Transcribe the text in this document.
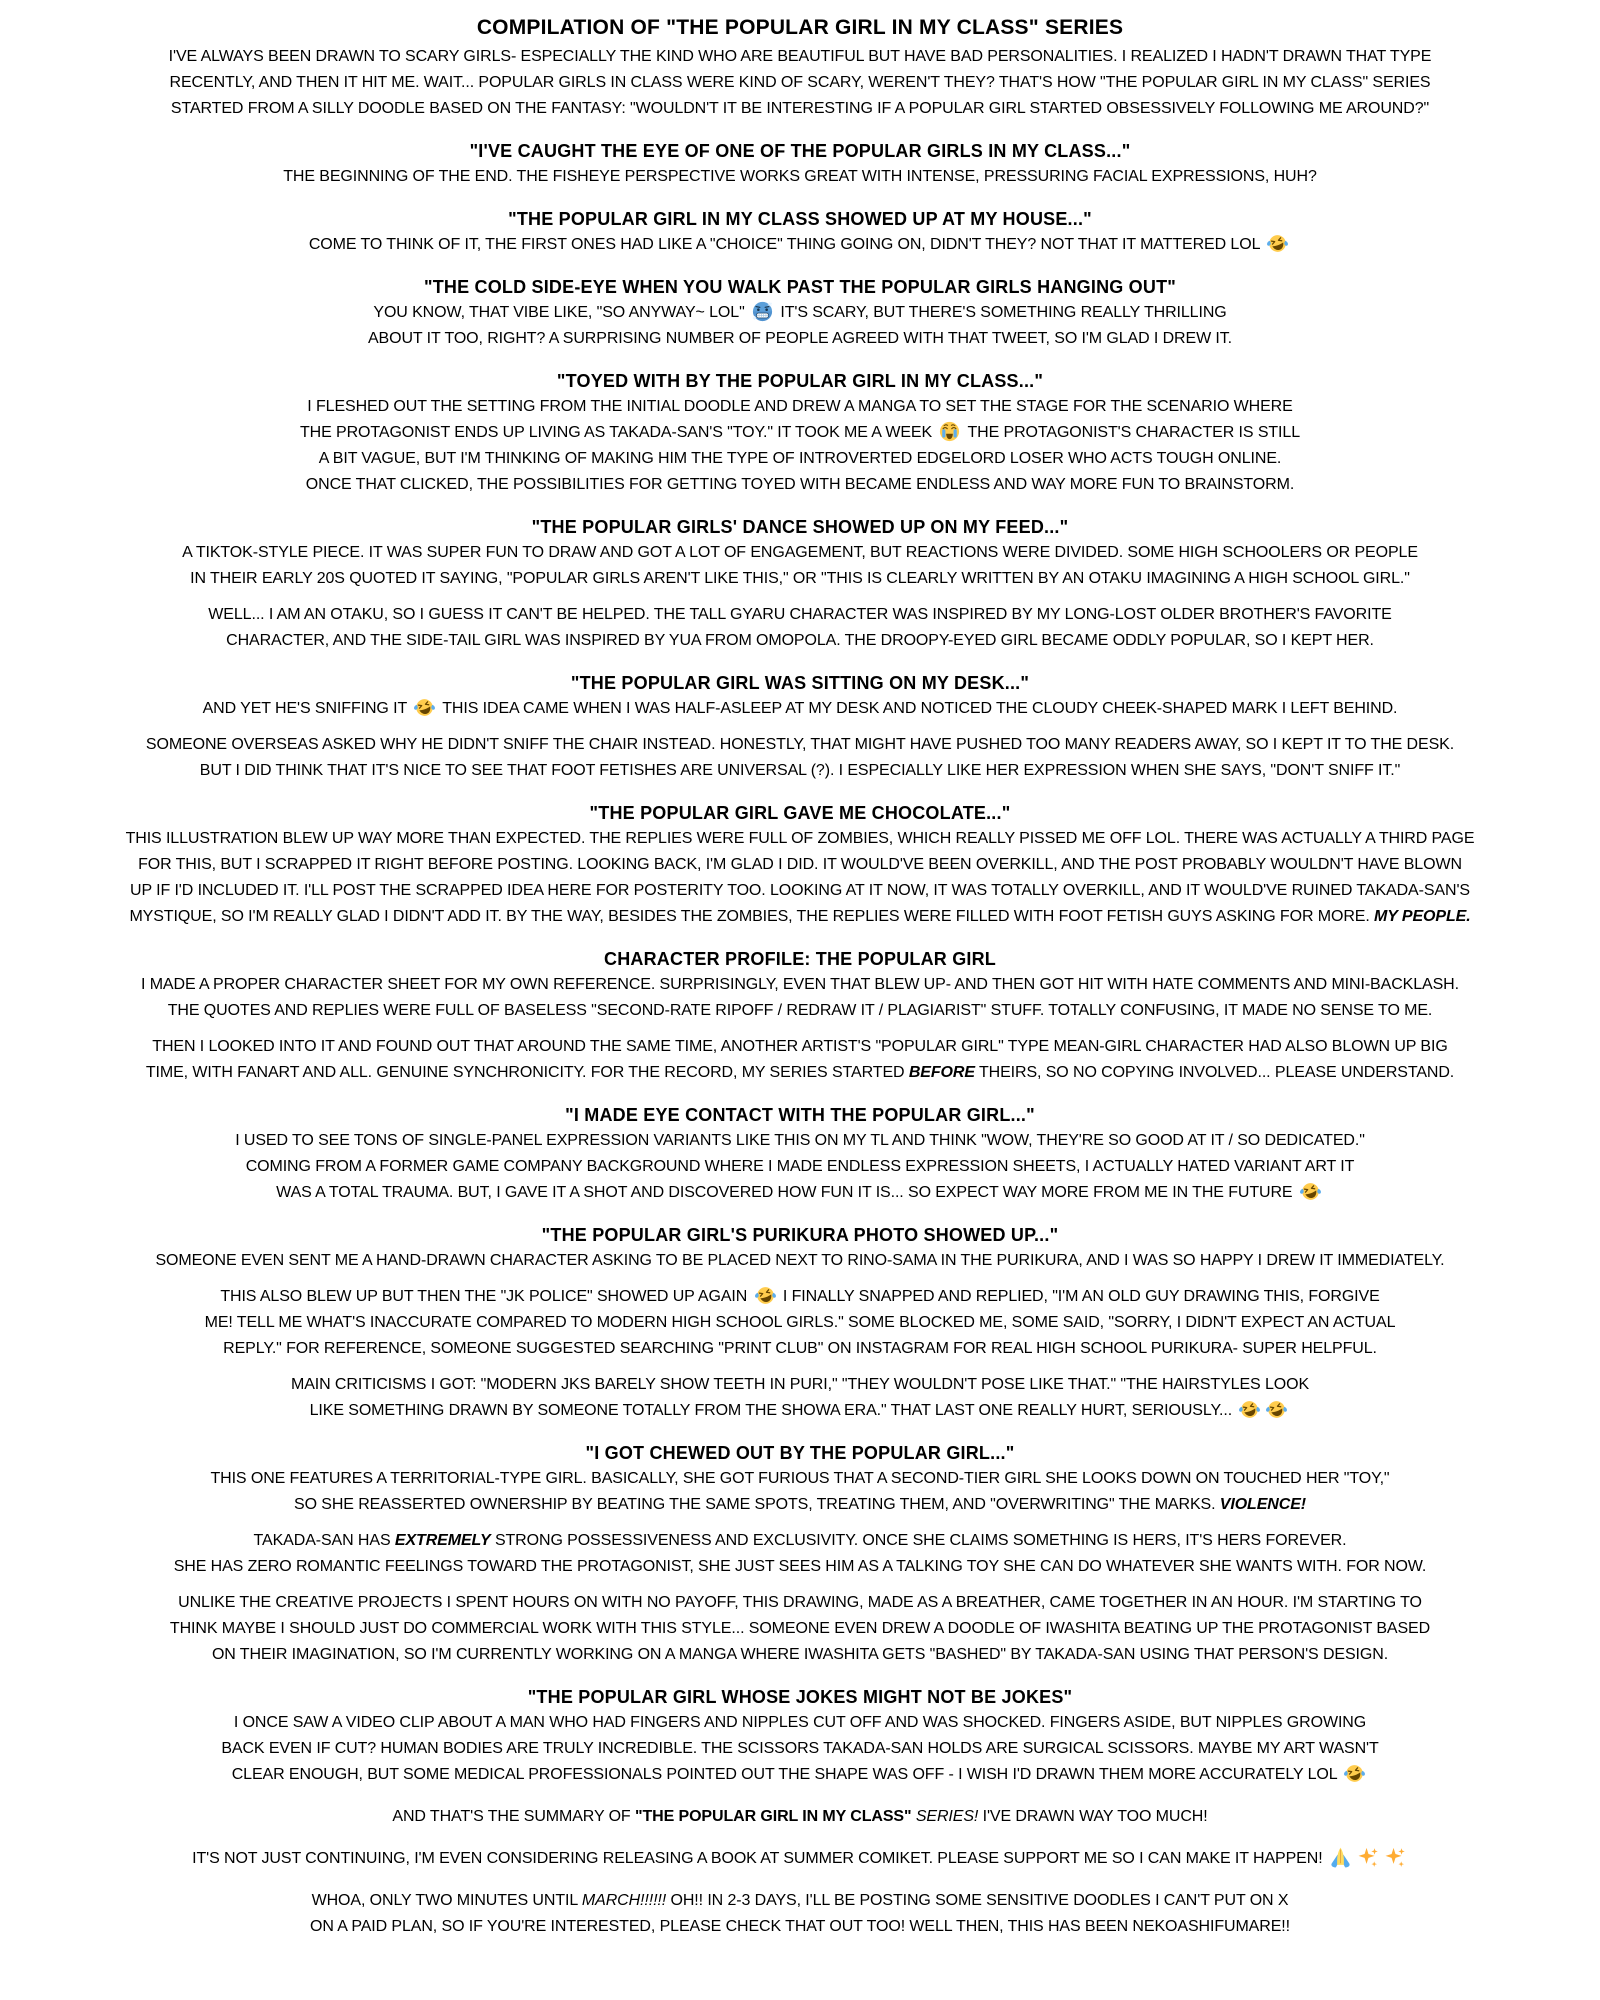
COMPILATION OF "THE POPULAR GIRL IN MY CLASS" SERIES
I'VE ALWAYS BEEN DRAWN TO SCARY GIRLS- ESPECIALLY THE KIND WHO ARE BEAUTIFUL BUT HAVE BAD PERSONALITIES. I REALIZED I HADN'T DRAWN THAT TYPE
RECENTLY, AND THEN IT HIT ME. WAIT... POPULAR GIRLS IN CLASS WERE KIND OF SCARY, WEREN'T THEY? THAT'S HOW "THE POPULAR GIRL IN MY CLASS" SERIES
STARTED FROM A SILLY DOODLE BASED ON THE FANTASY: "WOULDN'T IT BE INTERESTING IF A POPULAR GIRL STARTED OBSESSIVELY FOLLOWING ME AROUND?"
"I'VE CAUGHT THE EYE OF ONE OF THE POPULAR GIRLS IN MY CLASS..."
THE BEGINNING OF THE END. THE FISHEYE PERSPECTIVE WORKS GREAT WITH INTENSE, PRESSURING FACIAL EXPRESSIONS, HUH?
"THE POPULAR GIRL IN MY CLASS SHOWED UP AT MY HOUSE..."
COME TO THINK OF IT, THE FIRST ONES HAD LIKE A "CHOICE" THING GOING ON, DIDN'T THEY? NOT THAT IT MATTERED LOL
"THE COLD SIDE-EYE WHEN YOU WALK PAST THE POPULAR GIRLS HANGING OUT"
YOU KNOW, THAT VIBE LIKE, "SO ANYWAY~ LOL"
IT'S SCARY, BUT THERE'S SOMETHING REALLY THRILLING
ABOUT IT TOO, RIGHT? A SURPRISING NUMBER OF PEOPLE AGREED WITH THAT TWEET, SO I'M GLAD I DREW IT.
"TOYED WITH BY THE POPULAR GIRL IN MY CLASS..."
I FLESHED OUT THE SETTING FROM THE INITIAL DOODLE AND DREW A MANGA TO SET THE STAGE FOR THE SCENARIO WHERE
THE PROTAGONIST ENDS UP LIVING AS TAKADA-SAN'S "TOY." IT TOOK ME A WEEK
THE PROTAGONIST'S CHARACTER IS STILL
A BIT VAGUE, BUT I'M THINKING OF MAKING HIM THE TYPE OF INTROVERTED EDGELORD LOSER WHO ACTS TOUGH ONLINE.
ONCE THAT CLICKED, THE POSSIBILITIES FOR GETTING TOYED WITH BECAME ENDLESS AND WAY MORE FUN TO BRAINSTORM.
"THE POPULAR GIRLS' DANCE SHOWED UP ON MY FEED..."
A TIKTOK-STYLE PIECE. IT WAS SUPER FUN TO DRAW AND GOT A LOT OF ENGAGEMENT, BUT REACTIONS WERE DIVIDED. SOME HIGH SCHOOLERS OR PEOPLE
IN THEIR EARLY 20S QUOTED IT SAYING, "POPULAR GIRLS AREN'T LIKE THIS," OR "THIS IS CLEARLY WRITTEN BY AN OTAKU IMAGINING A HIGH SCHOOL GIRL."
WELL... I AM AN OTAKU, SO I GUESS IT CAN'T BE HELPED. THE TALL GYARU CHARACTER WAS INSPIRED BY MY LONG-LOST OLDER BROTHER'S FAVORITE
CHARACTER, AND THE SIDE-TAIL GIRL WAS INSPIRED BY YUA FROM OMOPOLA. THE DROOPY-EYED GIRL BECAME ODDLY POPULAR, SO I KEPT HER.
"THE POPULAR GIRL WAS SITTING ON MY DESK..."
AND YET HE'S SNIFFING IT
THIS IDEA CAME WHEN I WAS HALF-ASLEEP AT MY DESK AND NOTICED THE CLOUDY CHEEK-SHAPED MARK I LEFT BEHIND.
SOMEONE OVERSEAS ASKED WHY HE DIDN'T SNIFF THE CHAIR INSTEAD. HONESTLY, THAT MIGHT HAVE PUSHED TOO MANY READERS AWAY, SO I KEPT IT TO THE DESK.
BUT I DID THINK THAT IT'S NICE TO SEE THAT FOOT FETISHES ARE UNIVERSAL (?). I ESPECIALLY LIKE HER EXPRESSION WHEN SHE SAYS, "DON'T SNIFF IT."
"THE POPULAR GIRL GAVE ME CHOCOLATE..."
THIS ILLUSTRATION BLEW UP WAY MORE THAN EXPECTED. THE REPLIES WERE FULL OF ZOMBIES, WHICH REALLY PISSED ME OFF LOL. THERE WAS ACTUALLY A THIRD PAGE
FOR THIS, BUT I SCRAPPED IT RIGHT BEFORE POSTING. LOOKING BACK, I'M GLAD I DID. IT WOULD'VE BEEN OVERKILL, AND THE POST PROBABLY WOULDN'T HAVE BLOWN
UP IF I'D INCLUDED IT. I'LL POST THE SCRAPPED IDEA HERE FOR POSTERITY TOO. LOOKING AT IT NOW, IT WAS TOTALLY OVERKILL, AND IT WOULD'VE RUINED TAKADA-SAN'S
MYSTIQUE, SO I'M REALLY GLAD I DIDN'T ADD IT. BY THE WAY, BESIDES THE ZOMBIES, THE REPLIES WERE FILLED WITH FOOT FETISH GUYS ASKING FOR MORE. MY PEOPLE.
CHARACTER PROFILE: THE POPULAR GIRL
I MADE A PROPER CHARACTER SHEET FOR MY OWN REFERENCE. SURPRISINGLY, EVEN THAT BLEW UP- AND THEN GOT HIT WITH HATE COMMENTS AND MINI-BACKLASH.
THE QUOTES AND REPLIES WERE FULL OF BASELESS "SECOND-RATE RIPOFF / REDRAW IT / PLAGIARIST" STUFF. TOTALLY CONFUSING, IT MADE NO SENSE TO ME.
THEN I LOOKED INTO IT AND FOUND OUT THAT AROUND THE SAME TIME, ANOTHER ARTIST'S "POPULAR GIRL" TYPE MEAN-GIRL CHARACTER HAD ALSO BLOWN UP BIG
TIME, WITH FANART AND ALL. GENUINE SYNCHRONICITY. FOR THE RECORD, MY SERIES STARTED BEFORE THEIRS, SO NO COPYING INVOLVED... PLEASE UNDERSTAND.
"I MADE EYE CONTACT WITH THE POPULAR GIRL..."
I USED TO SEE TONS OF SINGLE-PANEL EXPRESSION VARIANTS LIKE THIS ON MY TL AND THINK "WOW, THEY'RE SO GOOD AT IT / SO DEDICATED."
COMING FROM A FORMER GAME COMPANY BACKGROUND WHERE I MADE ENDLESS EXPRESSION SHEETS, I ACTUALLY HATED VARIANT ART IT
WAS A TOTAL TRAUMA. BUT, I GAVE IT A SHOT AND DISCOVERED HOW FUN IT IS... SO EXPECT WAY MORE FROM ME IN THE FUTURE
"THE POPULAR GIRL'S PURIKURA PHOTO SHOWED UP..."
SOMEONE EVEN SENT ME A HAND-DRAWN CHARACTER ASKING TO BE PLACED NEXT TO RINO-SAMA IN THE PURIKURA, AND I WAS SO HAPPY I DREW IT IMMEDIATELY.
THIS ALSO BLEW UP BUT THEN THE "JK POLICE" SHOWED UP AGAIN
I FINALLY SNAPPED AND REPLIED, "I'M AN OLD GUY DRAWING THIS, FORGIVE
ME! TELL ME WHAT'S INACCURATE COMPARED TO MODERN HIGH SCHOOL GIRLS." SOME BLOCKED ME, SOME SAID, "SORRY, I DIDN'T EXPECT AN ACTUAL
REPLY." FOR REFERENCE, SOMEONE SUGGESTED SEARCHING "PRINT CLUB" ON INSTAGRAM FOR REAL HIGH SCHOOL PURIKURA- SUPER HELPFUL.
MAIN CRITICISMS I GOT: "MODERN JKS BARELY SHOW TEETH IN PURI," "THEY WOULDN'T POSE LIKE THAT." "THE HAIRSTYLES LOOK
LIKE SOMETHING DRAWN BY SOMEONE TOTALLY FROM THE SHOWA ERA." THAT LAST ONE REALLY HURT, SERIOUSLY...
"I GOT CHEWED OUT BY THE POPULAR GIRL..."
THIS ONE FEATURES A TERRITORIAL-TYPE GIRL. BASICALLY, SHE GOT FURIOUS THAT A SECOND-TIER GIRL SHE LOOKS DOWN ON TOUCHED HER "TOY,"
SO SHE REASSERTED OWNERSHIP BY BEATING THE SAME SPOTS, TREATING THEM, AND "OVERWRITING" THE MARKS. VIOLENCE!
TAKADA-SAN HAS EXTREMELY STRONG POSSESSIVENESS AND EXCLUSIVITY. ONCE SHE CLAIMS SOMETHING IS HERS, IT'S HERS FOREVER.
SHE HAS ZERO ROMANTIC FEELINGS TOWARD THE PROTAGONIST, SHE JUST SEES HIM AS A TALKING TOY SHE CAN DO WHATEVER SHE WANTS WITH. FOR NOW.
UNLIKE THE CREATIVE PROJECTS I SPENT HOURS ON WITH NO PAYOFF, THIS DRAWING, MADE AS A BREATHER, CAME TOGETHER IN AN HOUR. I'M STARTING TO
THINK MAYBE I SHOULD JUST DO COMMERCIAL WORK WITH THIS STYLE... SOMEONE EVEN DREW A DOODLE OF IWASHITA BEATING UP THE PROTAGONIST BASED
ON THEIR IMAGINATION, SO I'M CURRENTLY WORKING ON A MANGA WHERE IWASHITA GETS "BASHED" BY TAKADA-SAN USING THAT PERSON'S DESIGN.
"THE POPULAR GIRL WHOSE JOKES MIGHT NOT BE JOKES"
I ONCE SAW A VIDEO CLIP ABOUT A MAN WHO HAD FINGERS AND NIPPLES CUT OFF AND WAS SHOCKED. FINGERS ASIDE, BUT NIPPLES GROWING
BACK EVEN IF CUT? HUMAN BODIES ARE TRULY INCREDIBLE. THE SCISSORS TAKADA-SAN HOLDS ARE SURGICAL SCISSORS. MAYBE MY ART WASN'T
CLEAR ENOUGH, BUT SOME MEDICAL PROFESSIONALS POINTED OUT THE SHAPE WAS OFF - I WISH I'D DRAWN THEM MORE ACCURATELY LOL
AND THAT'S THE SUMMARY OF "THE POPULAR GIRL IN MY CLASS" SERIES! I'VE DRAWN WAY TOO MUCH!
IT'S NOT JUST CONTINUING, I'M EVEN CONSIDERING RELEASING A BOOK AT SUMMER COMIKET. PLEASE SUPPORT ME SO I CAN MAKE IT HAPPEN!
WHOA, ONLY TWO MINUTES UNTIL MARCH!!!!!! OH!! IN 2-3 DAYS, I'LL BE POSTING SOME SENSITIVE DOODLES I CAN'T PUT ON X
ON A PAID PLAN, SO IF YOU'RE INTERESTED, PLEASE CHECK THAT OUT TOO! WELL THEN, THIS HAS BEEN NEKOASHIFUMARE!!
